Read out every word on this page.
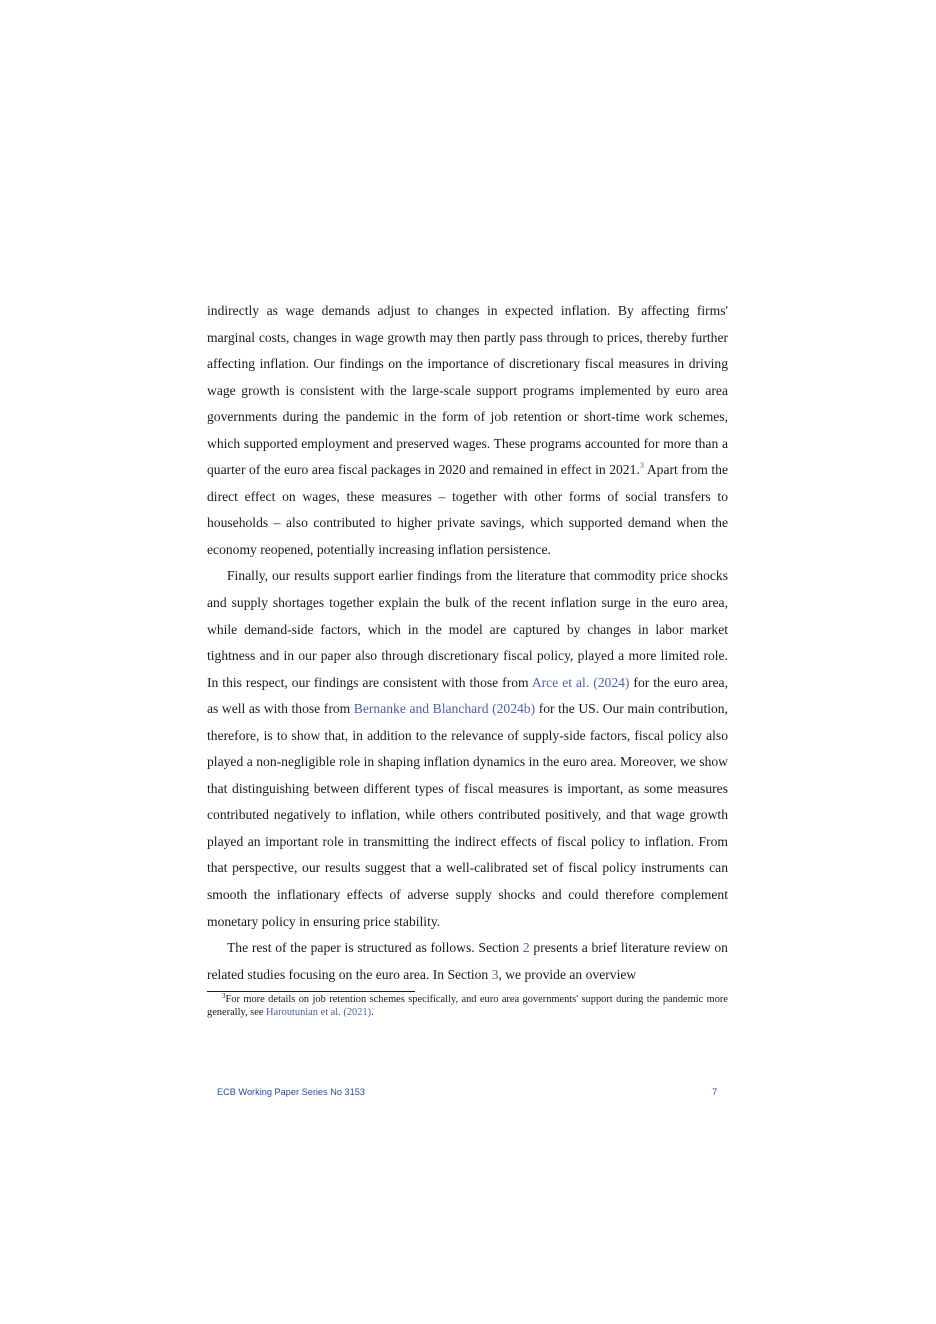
indirectly as wage demands adjust to changes in expected inflation. By affecting firms' marginal costs, changes in wage growth may then partly pass through to prices, thereby further affecting inflation. Our findings on the importance of discretionary fiscal measures in driving wage growth is consistent with the large-scale support programs implemented by euro area governments during the pandemic in the form of job retention or short-time work schemes, which supported employment and preserved wages. These programs accounted for more than a quarter of the euro area fiscal packages in 2020 and remained in effect in 2021.$^3$ Apart from the direct effect on wages, these measures – together with other forms of social transfers to households – also contributed to higher private savings, which supported demand when the economy reopened, potentially increasing inflation persistence.

Finally, our results support earlier findings from the literature that commodity price shocks and supply shortages together explain the bulk of the recent inflation surge in the euro area, while demand-side factors, which in the model are captured by changes in labor market tightness and in our paper also through discretionary fiscal policy, played a more limited role. In this respect, our findings are consistent with those from Arce et al. (2024) for the euro area, as well as with those from Bernanke and Blanchard (2024b) for the US. Our main contribution, therefore, is to show that, in addition to the relevance of supply-side factors, fiscal policy also played a non-negligible role in shaping inflation dynamics in the euro area. Moreover, we show that distinguishing between different types of fiscal measures is important, as some measures contributed negatively to inflation, while others contributed positively, and that wage growth played an important role in transmitting the indirect effects of fiscal policy to inflation. From that perspective, our results suggest that a well-calibrated set of fiscal policy instruments can smooth the inflationary effects of adverse supply shocks and could therefore complement monetary policy in ensuring price stability.

The rest of the paper is structured as follows. Section 2 presents a brief literature review on related studies focusing on the euro area. In Section 3, we provide an overview

$^3$For more details on job retention schemes specifically, and euro area governments' support during the pandemic more generally, see Haroutunian et al. (2021).
ECB Working Paper Series No 3153	7
